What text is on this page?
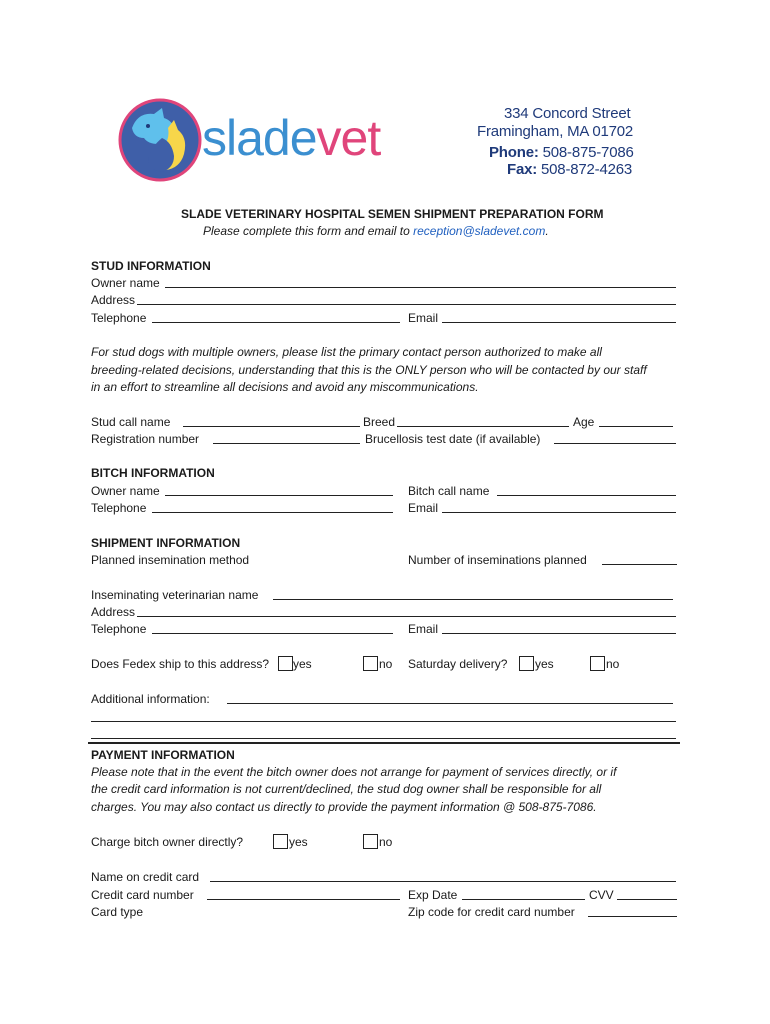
sladevet	334 Concord Street
Framingham, MA 01702
Phone: 508-875-7086
Fax: 508-872-4263
SLADE VETERINARY HOSPITAL SEMEN SHIPMENT PREPARATION FORM
Please complete this form and email to reception@sladevet.com.
STUD INFORMATION
Owner name
Address
Telephone	Email
For stud dogs with multiple owners, please list the primary contact person authorized to make all
breeding-related decisions, understanding that this is the ONLY person who will be contacted by our staff
in an effort to streamline all decisions and avoid any miscommunications.
Stud call name	Breed	Age
Registration number	Brucellosis test date (if available)
BITCH INFORMATION
Owner name	Bitch call name
Telephone	Email
SHIPMENT INFORMATION
Planned insemination method	Number of inseminations planned
Inseminating veterinarian name
Address
Telephone	Email
Does Fedex ship to this address? yes	no Saturday delivery? yes	no
Additional information:
PAYMENT INFORMATION
Please note that in the event the bitch owner does not arrange for payment of services directly, or if
the credit card information is not current/declined, the stud dog owner shall be responsible for all
charges. You may also contact us directly to provide the payment information @ 508-875-7086.
Charge bitch owner directly?	yes	no
Name on credit card
Credit card number	Exp Date	CVV
Card type	Zip code for credit card number
